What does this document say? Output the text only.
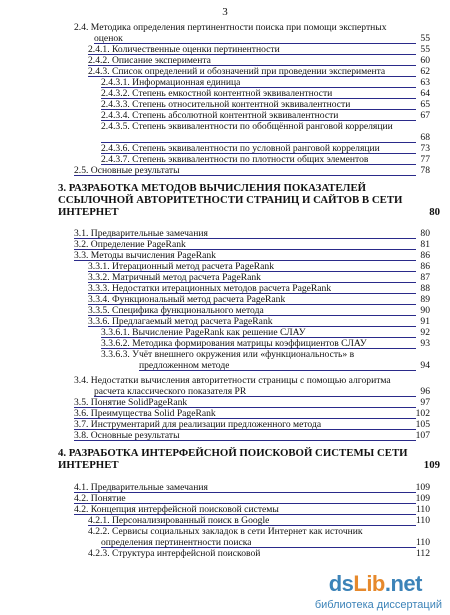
3
2.4. Методика определения пертинентности поиска при помощи экспертных
оценок	55
2.4.1. Количественные оценки пертинентности	55
2.4.2. Описание эксперимента	60
2.4.3. Список определений и обозначений при проведении эксперимента	62
2.4.3.1. Информационная единица	63
2.4.3.2. Степень емкостной контентной эквивалентности	64
2.4.3.3. Степень относительной контентной эквивалентности	65
2.4.3.4. Степень абсолютной контентной эквивалентности	67
2.4.3.5. Степень эквивалентности по обобщённой ранговой корреляции
68
2.4.3.6. Степень эквивалентности по условной ранговой корреляции	73
2.4.3.7. Степень эквивалентности по плотности общих элементов	77
2.5. Основные результаты	78
3. РАЗРАБОТКА МЕТОДОВ ВЫЧИСЛЕНИЯ ПОКАЗАТЕЛЕЙ ССЫЛОЧНОЙ АВТОРИТЕТНОСТИ СТРАНИЦ И САЙТОВ В СЕТИ ИНТЕРНЕТ	80
3.1. Предварительные замечания	80
3.2. Определение PageRank	81
3.3. Методы вычисления PageRank	86
3.3.1. Итерационный метод расчета PageRank	86
3.3.2. Матричный метод расчета PageRank	87
3.3.3. Недостатки итерационных методов расчета PageRank	88
3.3.4. Функциональный метод расчета PageRank	89
3.3.5. Специфика функционального метода	90
3.3.6. Предлагаемый метод расчета PageRank	91
3.3.6.1. Вычисление PageRank как решение СЛАУ	92
3.3.6.2. Методика формирования матрицы коэффициентов СЛАУ	93
3.3.6.3. Учёт внешнего окружения или «функциональность» в
предложенном методе	94
3.4. Недостатки вычисления авторитетности страницы с помощью алгоритма
расчета классического показателя PR	96
3.5. Понятие SolidPageRank	97
3.6. Преимущества Solid PageRank	102
3.7. Инструментарий для реализации предложенного метода	105
3.8. Основные результаты	107
4. РАЗРАБОТКА ИНТЕРФЕЙСНОЙ ПОИСКОВОЙ СИСТЕМЫ СЕТИ ИНТЕРНЕТ	109
4.1. Предварительные замечания	109
4.2. Понятие	109
4.2. Концепция интерфейсной поисковой системы	110
4.2.1. Персонализированный поиск в Google	110
4.2.2. Сервисы социальных закладок в сети Интернет как источник
определения пертинентности поиска	110
4.2.3. Структура интерфейсной поисковой	112
dsLib.net
библиотека диссертаций
